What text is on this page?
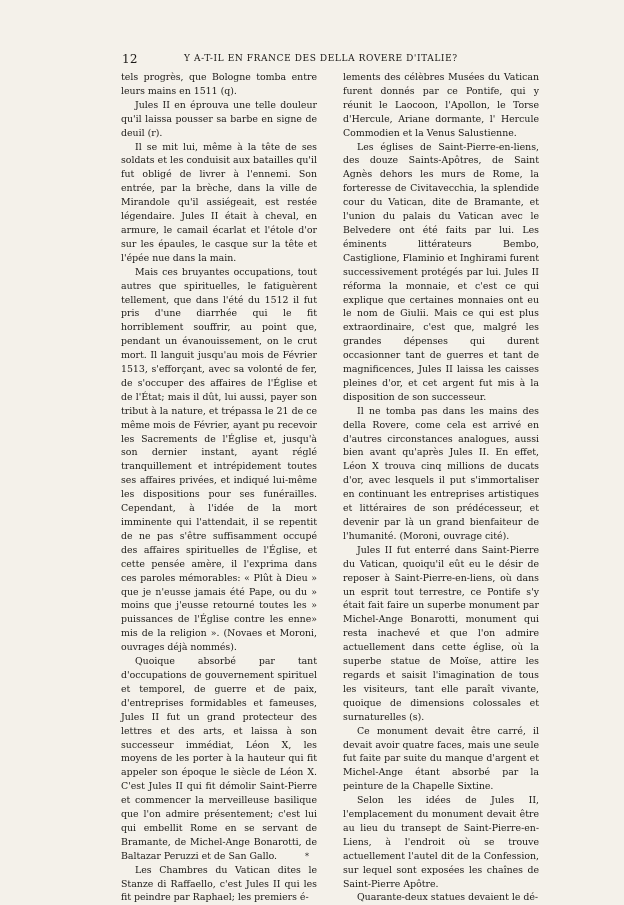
12	Y A-T-IL EN FRANCE DES DELLA ROVERE D'ITALIE?

tels progrès, que Bologne tomba entre leurs mains en 1511 (q).

Jules II en éprouva une telle douleur qu'il laissa pousser sa barbe en signe de deuil (r).

Il se mit lui, même à la tête de ses soldats et les conduisit aux batailles qu'il fut obligé de livrer à l'ennemi. Son entrée, par la brèche, dans la ville de Mirandole qu'il assiégeait, est restée légendaire. Jules II était à cheval, en armure, le camail écarlat et l'étole d'or sur les épaules, le casque sur la tête et l'épée nue dans la main.

Mais ces bruyantes occupations, tout autres que spirituelles, le fatiguèrent tellement, que dans l'été du 1512 il fut pris d'une diarrhée qui le fit horriblement souffrir, au point que, pendant un évanouissement, on le crut mort. Il languit jusqu'au mois de Février 1513, s'efforçant, avec sa volonté de fer, de s'occuper des affaires de l'Église et de l'État; mais il dût, lui aussi, payer son tribut à la nature, et trépassa le 21 de ce même mois de Février, ayant pu recevoir les Sacrements de l'Église et, jusqu'à son dernier instant, ayant réglé tranquillement et intrépidement toutes ses affaires privées, et indiqué lui-même les dispositions pour ses funérailles. Cependant, à l'idée de la mort imminente qui l'attendait, il se repentit de ne pas s'être suffisamment occupé des affaires spirituelles de l'Église, et cette pensée amère, il l'exprima dans ces paroles mémorables: « Plût à Dieu » que je n'eusse jamais été Pape, ou du » moins que j'eusse retourné toutes les » puissances de l'Église contre les enne» mis de la religion ». (Novaes et Moroni, ouvrages déjà nommés).

Quoique absorbé par tant d'occupations de gouvernement spirituel et temporel, de guerre et de paix, d'entreprises formidables et fameuses, Jules II fut un grand protecteur des lettres et des arts, et laissa à son successeur immédiat, Léon X, les moyens de les porter à la hauteur qui fit appeler son époque le siècle de Léon X. C'est Jules II qui fit démolir Saint-Pierre et commencer la merveilleuse basilique que l'on admire présentement; c'est lui qui embellit Rome en se servant de Bramante, de Michel-Ange Bonarotti, de Baltazar Peruzzi et de San Gallo.

Les Chambres du Vatican dites le Stanze di Raffaello, c'est Jules II qui les fit peindre par Raphael; les premiers é-

lements des célèbres Musées du Vatican furent donnés par ce Pontife, qui y réunit le Laocoon, l'Apollon, le Torse d'Hercule, Ariane dormante, l' Hercule Commodien et la Venus Salustienne.

Les églises de Saint-Pierre-en-liens, des douze Saints-Apôtres, de Saint Agnès dehors les murs de Rome, la forteresse de Civitavecchia, la splendide cour du Vatican, dite de Bramante, et l'union du palais du Vatican avec le Belvedere ont été faits par lui. Les éminents littérateurs Bembo, Castiglione, Flaminio et Inghirami furent successivement protégés par lui. Jules II réforma la monnaie, et c'est ce qui explique que certaines monnaies ont eu le nom de Giulii. Mais ce qui est plus extraordinaire, c'est que, malgré les grandes dépenses qui durent occasionner tant de guerres et tant de magnificences, Jules II laissa les caisses pleines d'or, et cet argent fut mis à la disposition de son successeur.

Il ne tomba pas dans les mains des della Rovere, come cela est arrivé en d'autres circonstances analogues, aussi bien avant qu'après Jules II. En effet, Léon X trouva cinq millions de ducats d'or, avec lesquels il put s'immortaliser en continuant les entreprises artistiques et littéraires de son prédécesseur, et devenir par là un grand bienfaiteur de l'humanité. (Moroni, ouvrage cité).

Jules II fut enterré dans Saint-Pierre du Vatican, quoiqu'il eût eu le désir de reposer à Saint-Pierre-en-liens, où dans un esprit tout terrestre, ce Pontife s'y était fait faire un superbe monument par Michel-Ange Bonarotti, monument qui resta inachevé et que l'on admire actuellement dans cette église, où la superbe statue de Moïse, attire les regards et saisit l'imagination de tous les visiteurs, tant elle paraît vivante, quoique de dimensions colossales et surnaturelles (s).

Ce monument devait être carré, il devait avoir quatre faces, mais une seule fut faite par suite du manque d'argent et Michel-Ange étant absorbé par la peinture de la Chapelle Sixtine.

Selon les idées de Jules II, l'emplacement du monument devait être au lieu du transept de Saint-Pierre-en-Liens, à l'endroit où se trouve actuellement l'autel dit de la Confession, sur lequel sont exposées les chaînes de Saint-Pierre Apôtre.

Quarante-deux statues devaient le dé-

*
